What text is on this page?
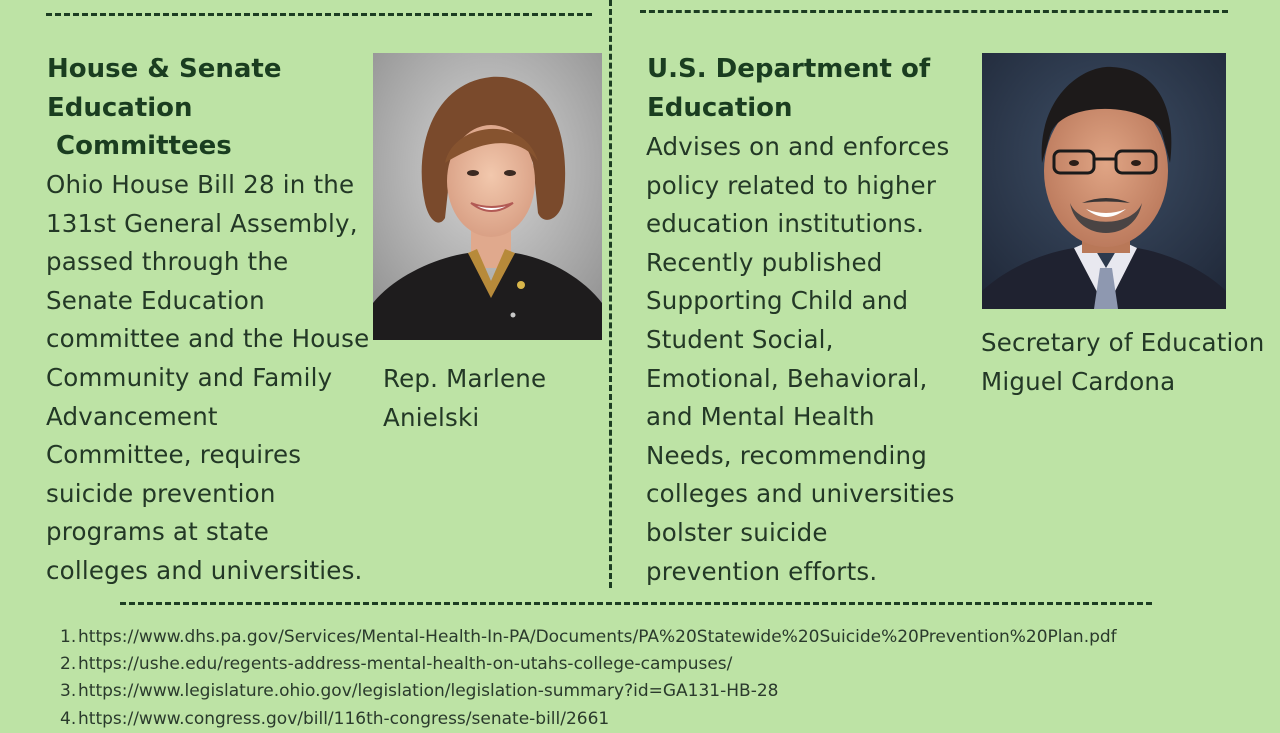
House & Senate
Education
Committees
Ohio House Bill 28 in the
131st General Assembly,
passed through the
Senate Education
committee and the House
Community and Family
Advancement
Committee, requires
suicide prevention
programs at state
colleges and universities.
Rep. Marlene
Anielski
U.S. Department of
Education
Advises on and enforces
policy related to higher
education institutions.
Recently published
Supporting Child and
Student Social,
Emotional, Behavioral,
and Mental Health
Needs, recommending
colleges and universities
bolster suicide
prevention efforts.
Secretary of Education
Miguel Cardona
1. https://www.dhs.pa.gov/Services/Mental-Health-In-PA/Documents/PA%20Statewide%20Suicide%20Prevention%20Plan.pdf
2. https://ushe.edu/regents-address-mental-health-on-utahs-college-campuses/
3. https://www.legislature.ohio.gov/legislation/legislation-summary?id=GA131-HB-28
4. https://www.congress.gov/bill/116th-congress/senate-bill/2661
